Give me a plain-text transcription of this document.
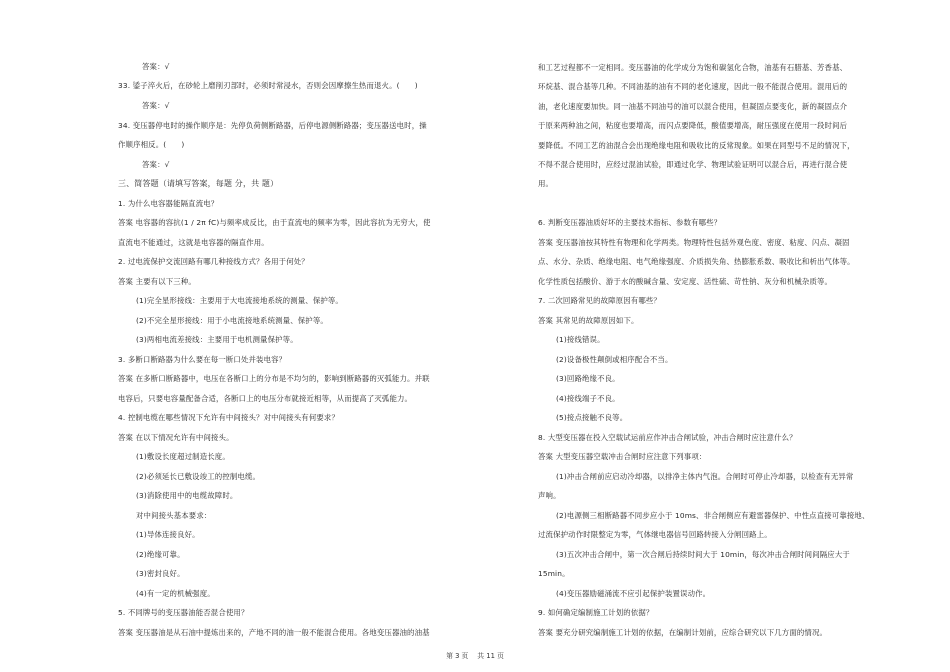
答案：√
33. 鋈子淬火后，在砂轮上磨削刃部时，必须时常浸水，否则会因摩擦生热而退火。(　　)
答案：√
34. 变压器停电时的操作顺序是：先停负荷侧断路器，后停电源侧断路器；变压器送电时，操
作顺序相反。(　　)
答案：√
三、简答题（请填写答案，每题 分，共 题）
1. 为什么电容器能隔直流电？
答案 电容器的容抗(1 / 2π fC)与频率成反比，由于直流电的频率为零，因此容抗为无穷大，使
直流电不能通过，这就是电容器的隔直作用。
2. 过电流保护交流回路有哪几种接线方式？各用于何处？
答案 主要有以下三种。
(1)完全星形接线：主要用于大电流接地系统的测量、保护等。
(2)不完全星形接线：用于小电流接地系统测量、保护等。
(3)两相电流差接线：主要用于电机测量保护等。
3. 多断口断路器为什么要在每一断口处并装电容？
答案 在多断口断路器中，电压在各断口上的分布是不均匀的，影响到断路器的灭弧能力。并联
电容后，只要电容量配备合适，各断口上的电压分布就接近相等，从而提高了灭弧能力。
4. 控制电缆在哪些情况下允许有中间接头？对中间接头有何要求？
答案 在以下情况允许有中间接头。
(1)敷设长度超过制造长度。
(2)必须延长已敷设竣工的控制电缆。
(3)消除使用中的电缆故障时。
对中间接头基本要求：
(1)导体连接良好。
(2)绝缘可靠。
(3)密封良好。
(4)有一定的机械强度。
5. 不同牌号的变压器油能否混合使用？
答案 变压器油是从石油中提炼出来的，产地不同的油一般不能混合使用。各地变压器油的油基
和工艺过程都不一定相同。变压器油的化学成分为饱和碳氢化合物，油基有石腊基、芳香基、
环烷基、混合基等几种。不同油基的油有不同的老化速度，因此一般不能混合使用。混用后的
油，老化速度要加快。同一油基不同油号的油可以混合使用，但凝固点要变化，新的凝固点介
于原来两种油之间，粘度也要增高，而闪点要降低，酸值要增高，耐压强度在使用一段时间后
要降低。不同工艺的油混合会出现绝缘电阻和吸收比的反常现象。如果在同型号不足的情况下，
不得不混合使用时，应经过混油试验，即通过化学、物理试验证明可以混合后，再进行混合使
用。
6. 判断变压器油质好坏的主要技术指标、参数有哪些？
答案 变压器油按其特性有物理和化学两类。物理特性包括外观色度、密度、粘度、闪点、凝固
点、水分、杂质、绝缘电阻、电气绝缘强度、介质损失角、热膨胀系数、吸收比和析出气体等。
化学性质包括酸价、游于水的酸碱含量、安定度、活性硫、苛性钠、灰分和机械杂质等。
7. 二次回路常见的故障原因有哪些？
答案 其常见的故障原因如下。
(1)接线错误。
(2)设备极性颠倒或相序配合不当。
(3)回路绝缘不良。
(4)接线端子不良。
(5)接点接触不良等。
8. 大型变压器在投入空载试运前应作冲击合闸试验，冲击合闸时应注意什么？
答案 大型变压器空载冲击合闸时应注意下列事项：
(1)冲击合闸前应启动冷却器，以排净主体内气泡。合闸时可停止冷却器，以检查有无异常
声响。
(2)电源侧三相断路器不同步应小于 10ms、非合闸侧应有避雷器保护、中性点直接可靠接地、
过流保护动作时限整定为零，气体继电器信号回路转接入分闸回路上。
(3)五次冲击合闸中，第一次合闸后持续时间大于 10min，每次冲击合闸时间间隔应大于
15min。
(4)变压器励磁涌流不应引起保护装置误动作。
9. 如何确定编制施工计划的依据？
答案 要充分研究编制施工计划的依据，在编制计划前，应综合研究以下几方面的情况。
第 3 页　 共 11 页
